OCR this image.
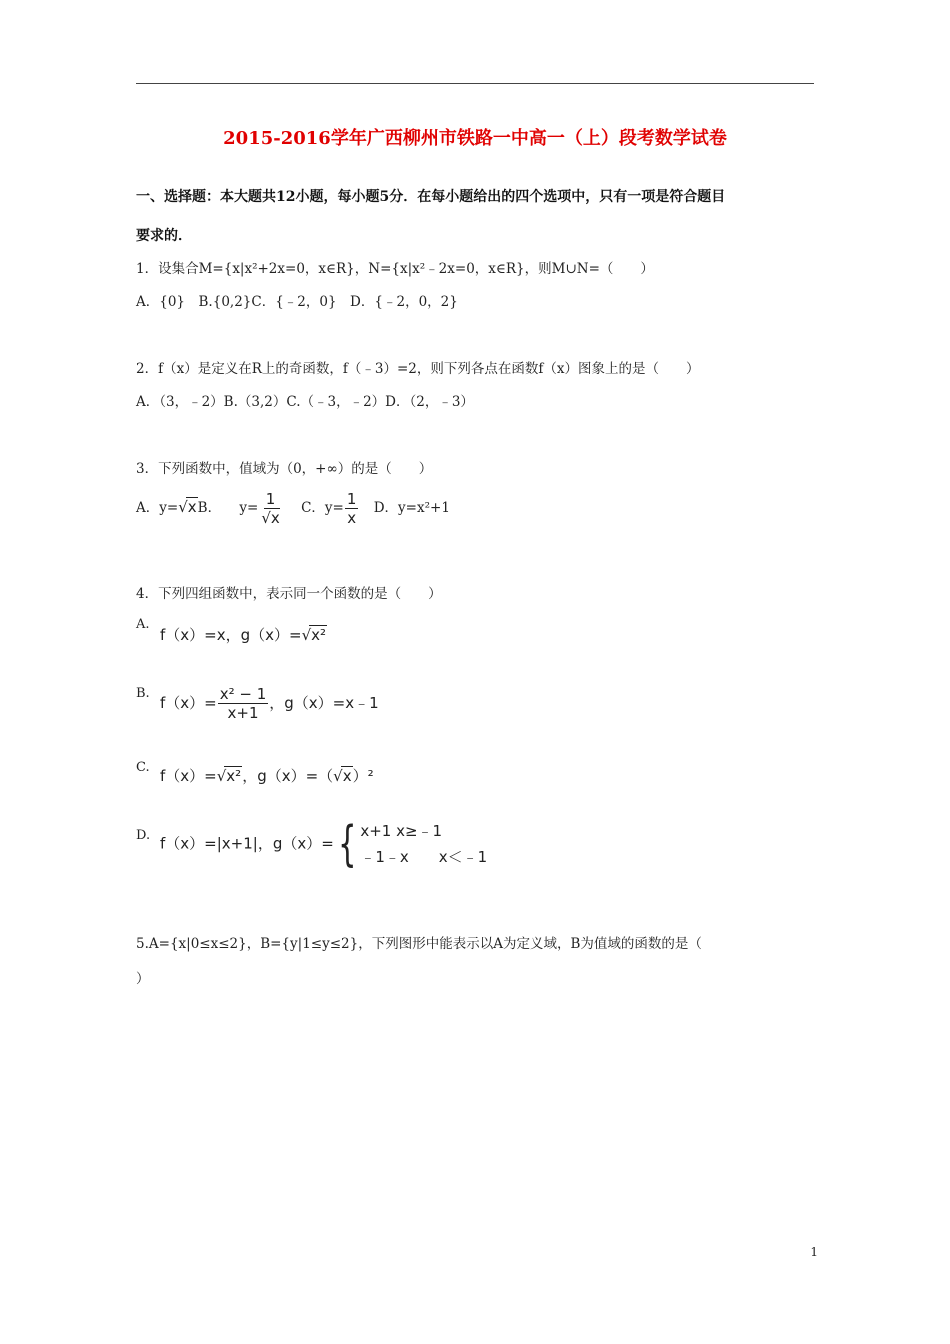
2015-2016学年广西柳州市铁路一中高一（上）段考数学试卷
一、选择题：本大题共12小题，每小题5分．在每小题给出的四个选项中，只有一项是符合题目
要求的．
1．设集合M={x|x²+2x=0，x∈R}，N={x|x²﹣2x=0，x∈R}，则M∪N=（　　）
A．{0}　B.{0,2}C．{﹣2，0}　D．{﹣2，0，2}
2．f（x）是定义在R上的奇函数，f（﹣3）=2，则下列各点在函数f（x）图象上的是（　　）
A．（3，﹣2）B.（3,2）C.（﹣3，﹣2）D．（2，﹣3）
3．下列函数中，值域为（0，+∞）的是（　　）
A．y=√xB． $y= \frac{1}{√x}$ C．$y= \frac{1}{x}$ D．y=x²+1
4．下列四组函数中，表示同一个函数的是（　　）
A.
f（x）=x，g（x）=√x²
B.
$f(x)= \frac{\text{x² − 1}}{x+1}$ ，g（x）=x﹣1
C. f（x）=√x²，g（x）=（√x）²
D. f（x）=|x+1|，g（x）={ x+1 x≥﹣1
﹣1﹣x　　x＜﹣1
5.A={x|0≤x≤2}，B={y|1≤y≤2}，下列图形中能表示以A为定义域，B为值域的函数的是（
）
1
